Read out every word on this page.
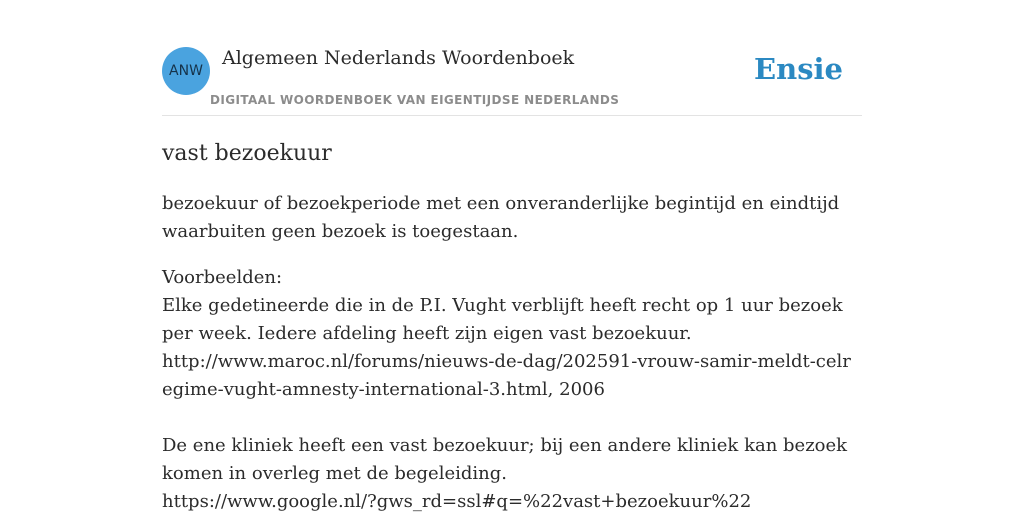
ANW
Algemeen Nederlands Woordenboek
DIGITAAL WOORDENBOEK VAN EIGENTIJDSE NEDERLANDS
Ensie
vast bezoekuur

bezoekuur of bezoekperiode met een onveranderlijke begintijd en eindtijd waarbuiten geen bezoek is toegestaan.

Voorbeelden:

Elke gedetineerde die in de P.I. Vught verblijft heeft recht op 1 uur bezoek per week. Iedere afdeling heeft zijn eigen vast bezoekuur.

http://www.maroc.nl/forums/nieuws-de-dag/202591-vrouw-samir-meldt-celregime-vught-amnesty-international-3.html, 2006

De ene kliniek heeft een vast bezoekuur; bij een andere kliniek kan bezoek komen in overleg met de begeleiding.

https://www.google.nl/?gws_rd=ssl#q=%22vast+bezoekuur%22
